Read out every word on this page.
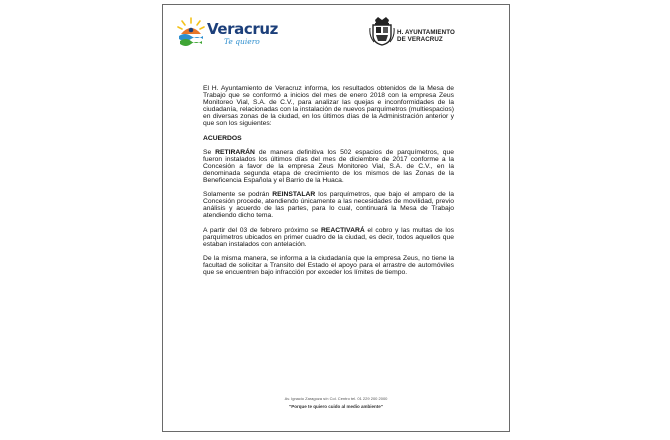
Veracruz
Te quiero
H. AYUNTAMIENTO
DE VERACRUZ

El H. Ayuntamiento de Veracruz informa, los resultados obtenidos de la Mesa de Trabajo que se conformó a inicios del mes de enero 2018 con la empresa Zeus Monitoreo Vial, S.A. de C.V., para analizar las quejas e inconformidades de la ciudadanía, relacionadas con la instalación de nuevos parquímetros (multiespacios) en diversas zonas de la ciudad, en los últimos días de la Administración anterior y que son los siguientes:

ACUERDOS

Se RETIRARÁN de manera definitiva los 502 espacios de parquímetros, que fueron instalados los últimos días del mes de diciembre de 2017 conforme a la Concesión a favor de la empresa Zeus Monitoreo Vial, S.A. de C.V., en la denominada segunda etapa de crecimiento de los mismos de las Zonas de la Beneficencia Española y el Barrio de la Huaca.

Solamente se podrán REINSTALAR los parquímetros, que bajo el amparo de la Concesión procede, atendiendo únicamente a las necesidades de movilidad, previo análisis y acuerdo de las partes, para lo cual, continuará la Mesa de Trabajo atendiendo dicho tema.

A partir del 03 de febrero próximo se REACTIVARÁ el cobro y las multas de los parquímetros ubicados en primer cuadro de la ciudad, es decir, todos aquellos que estaban instalados con antelación.

De la misma manera, se informa a la ciudadanía que la empresa Zeus, no tiene la facultad de solicitar a Transito del Estado el apoyo para el arrastre de automóviles que se encuentren bajo infracción por exceder los límites de tiempo.

Av. Ignacio Zaragoza s/n Col. Centro tel. 01 229 200 2000
"Porque te quiero cuido al medio ambiente"
